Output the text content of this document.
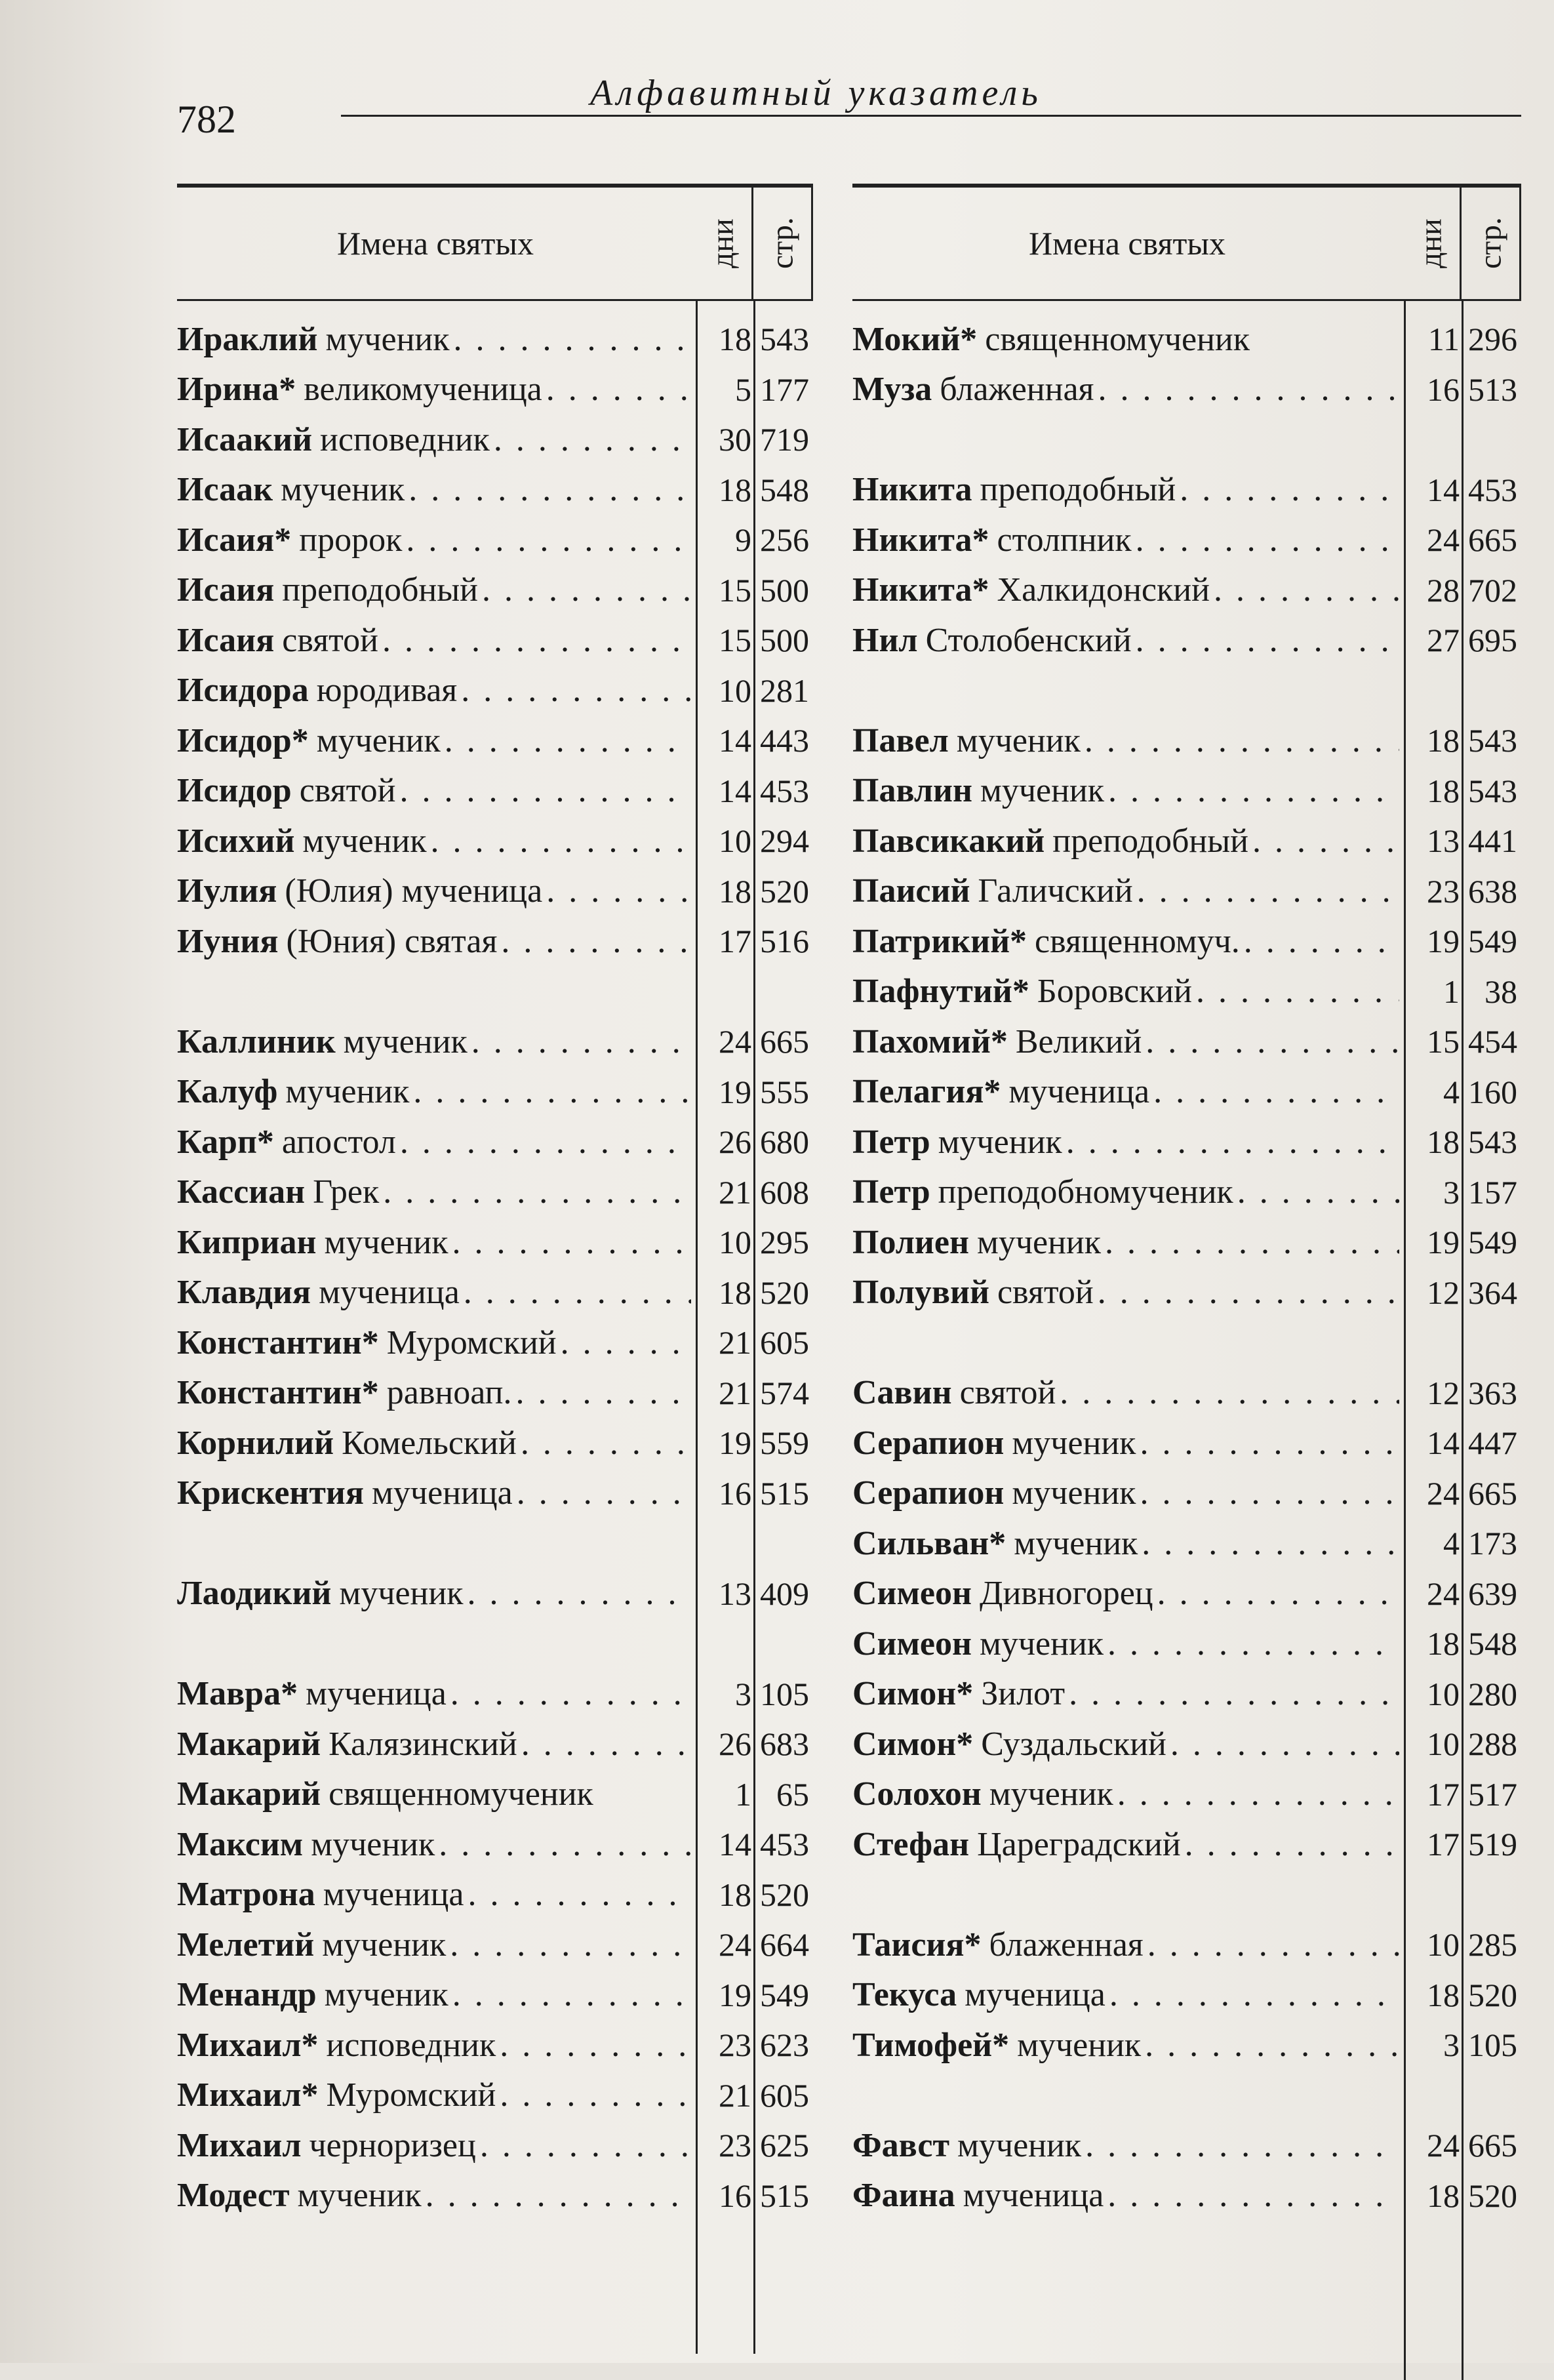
782
Алфавитный указатель
Имена святых	дни стр.
Ираклий мученик . . .	18 543
Ирина* великомученица . . .	5 177
Исаакий исповедник . . .	30 719
Исаак мученик . . .	18 548
Исаия* пророк . . .	9 256
Исаия преподобный . . .	15 500
Исаия святой . . .	15 500
Исидора юродивая . . .	10 281
Исидор* мученик . . .	14 443
Исидор святой . . .	14 453
Исихий мученик . . .	10 294
Иулия (Юлия) мученица . . .	18 520
Иуния (Юния) святая . . .	17 516
Каллиник мученик . . .	24 665
Калуф мученик . . .	19 555
Карп* апостол . . .	26 680
Кассиан Грек . . .	21 608
Киприан мученик . . .	10 295
Клавдия мученица . . .	18 520
Константин* Муромский . . .	21 605
Константин* равноап. . . .	21 574
Корнилий Комельский . . .	19 559
Крискентия мученица . . .	16 515
Лаодикий мученик . . .	13 409
Мавра* мученица . . .	3 105
Макарий Калязинский . . .	26 683
Макарий священномученик	1 65
Максим мученик . . .	14 453
Матрона мученица . . .	18 520
Мелетий мученик . . .	24 664
Менандр мученик . . .	19 549
Михаил* исповедник . . .	23 623
Михаил* Муромский . . .	21 605
Михаил черноризец . . .	23 625
Модест мученик . . .	16 515
Имена святых	дни стр.
Мокий* священномученик	11 296
Муза блаженная . . .	16 513
Никита преподобный . . .	14 453
Никита* столпник . . .	24 665
Никита* Халкидонский . . .	28 702
Нил Столобенский . . .	27 695
Павел мученик . . .	18 543
Павлин мученик . . .	18 543
Павсикакий преподобный . . .	13 441
Паисий Галичский . . .	23 638
Патрикий* священномуч. . . .	19 549
Пафнутий* Боровский . . .	1 38
Пахомий* Великий . . .	15 454
Пелагия* мученица . . .	4 160
Петр мученик . . .	18 543
Петр преподобномученик . . .	3 157
Полиен мученик . . .	19 549
Полувий святой . . .	12 364
Савин святой . . .	12 363
Серапион мученик . . .	14 447
Серапион мученик . . .	24 665
Сильван* мученик . . .	4 173
Симеон Дивногорец . . .	24 639
Симеон мученик . . .	18 548
Симон* Зилот . . .	10 280
Симон* Суздальский . . .	10 288
Солохон мученик . . .	17 517
Стефан Цареградский . . .	17 519
Таисия* блаженная . . .	10 285
Текуса мученица . . .	18 520
Тимофей* мученик . . .	3 105
Фавст мученик . . .	24 665
Фаина мученица . . .	18 520
